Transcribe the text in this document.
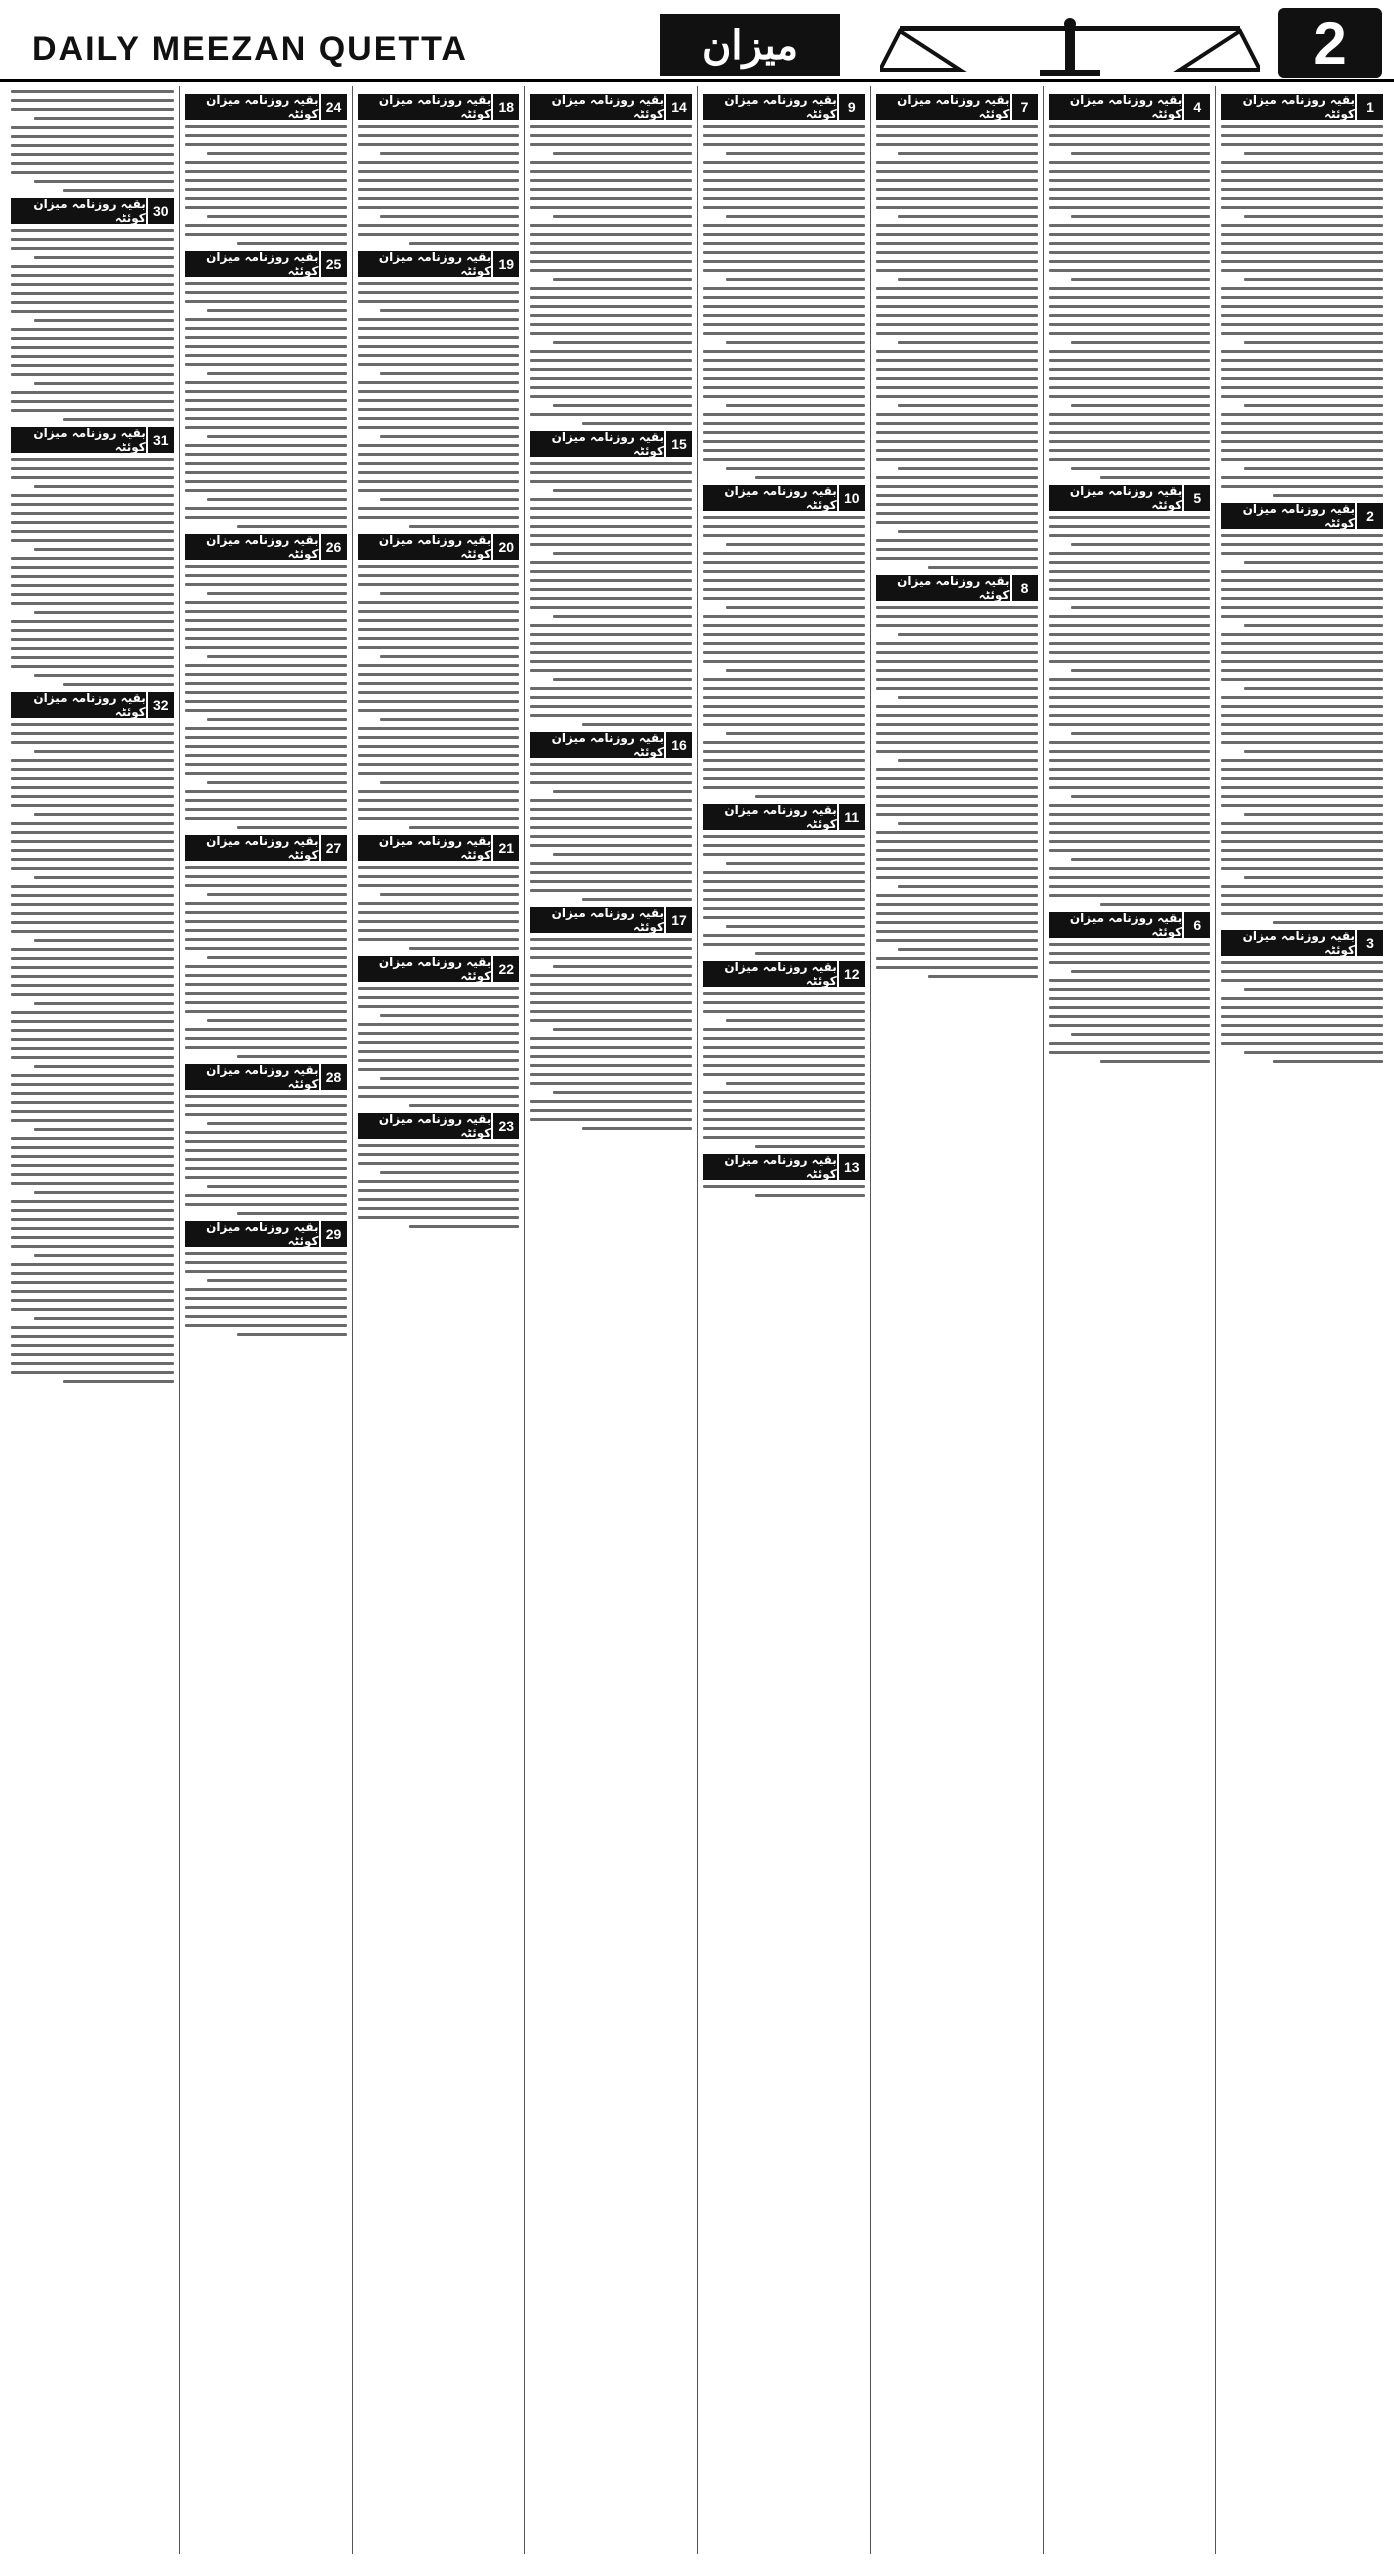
DAILY MEEZAN QUETTA	میزان	2
1
بقیہ روزنامہ میزان کوئٹہ
2
بقیہ روزنامہ میزان کوئٹہ
3
بقیہ روزنامہ میزان کوئٹہ
4
بقیہ روزنامہ میزان کوئٹہ
5
بقیہ روزنامہ میزان کوئٹہ
6
بقیہ روزنامہ میزان کوئٹہ
7
بقیہ روزنامہ میزان کوئٹہ
8
بقیہ روزنامہ میزان کوئٹہ
9
بقیہ روزنامہ میزان کوئٹہ
10
بقیہ روزنامہ میزان کوئٹہ
11
بقیہ روزنامہ میزان کوئٹہ
12
بقیہ روزنامہ میزان کوئٹہ
13
بقیہ روزنامہ میزان کوئٹہ
14
بقیہ روزنامہ میزان کوئٹہ
15
بقیہ روزنامہ میزان کوئٹہ
16
بقیہ روزنامہ میزان کوئٹہ
17
بقیہ روزنامہ میزان کوئٹہ
18
بقیہ روزنامہ میزان کوئٹہ
19
بقیہ روزنامہ میزان کوئٹہ
20
بقیہ روزنامہ میزان کوئٹہ
21
بقیہ روزنامہ میزان کوئٹہ
22
بقیہ روزنامہ میزان کوئٹہ
23
بقیہ روزنامہ میزان کوئٹہ
24
بقیہ روزنامہ میزان کوئٹہ
25
بقیہ روزنامہ میزان کوئٹہ
26
بقیہ روزنامہ میزان کوئٹہ
27
بقیہ روزنامہ میزان کوئٹہ
28
بقیہ روزنامہ میزان کوئٹہ
29
بقیہ روزنامہ میزان کوئٹہ
30
بقیہ روزنامہ میزان کوئٹہ
31
بقیہ روزنامہ میزان کوئٹہ
32
بقیہ روزنامہ میزان کوئٹہ
